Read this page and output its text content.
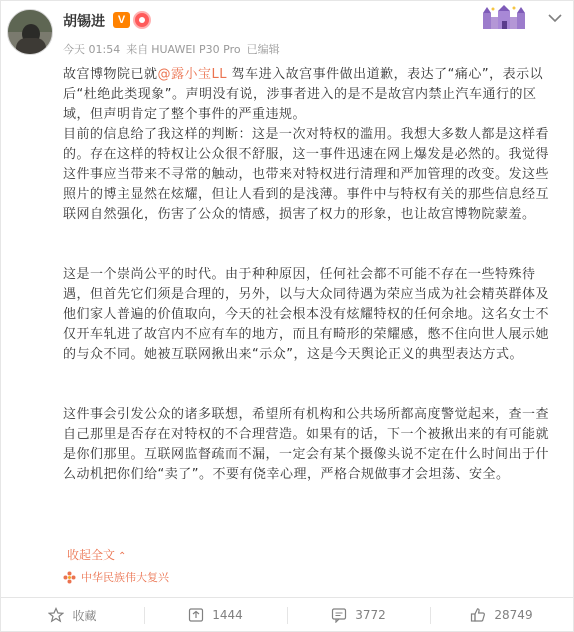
胡锡进	V
今天 01:54 来自 HUAWEI P30 Pro 已编辑
故宫博物院已就@露小宝LL 驾车进入故宫事件做出道歉，表达了“痛心”，表示以后“杜绝此类现象”。声明没有说，涉事者进入的是不是故宫内禁止汽车通行的区域，但声明肯定了整个事件的严重违规。
目前的信息给了我这样的判断：这是一次对特权的滥用。我想大多数人都是这样看的。存在这样的特权让公众很不舒服，这一事件迅速在网上爆发是必然的。我觉得这件事应当带来不寻常的触动，也带来对特权进行清理和严加管理的改变。发这些照片的博主显然在炫耀，但让人看到的是浅薄。事件中与特权有关的那些信息经互联网自然强化，伤害了公众的情感，损害了权力的形象，也让故宫博物院蒙羞。
这是一个崇尚公平的时代。由于种种原因，任何社会都不可能不存在一些特殊待遇，但首先它们须是合理的，另外，以与大众同待遇为荣应当成为社会精英群体及他们家人普遍的价值取向，今天的社会根本没有炫耀特权的任何余地。这名女士不仅开车轧进了故宫内不应有车的地方，而且有畸形的荣耀感，憋不住向世人展示她的与众不同。她被互联网揪出来“示众”，这是今天舆论正义的典型表达方式。
这件事会引发公众的诸多联想，希望所有机构和公共场所都高度警觉起来，查一查自己那里是否存在对特权的不合理营造。如果有的话，下一个被揪出来的有可能就是你们那里。互联网监督疏而不漏，一定会有某个摄像头说不定在什么时间出于什么动机把你们给“卖了”。不要有侥幸心理，严格合规做事才会坦荡、安全。
收起全文 ⌃
中华民族伟大复兴
收藏	1444	3772	28749
